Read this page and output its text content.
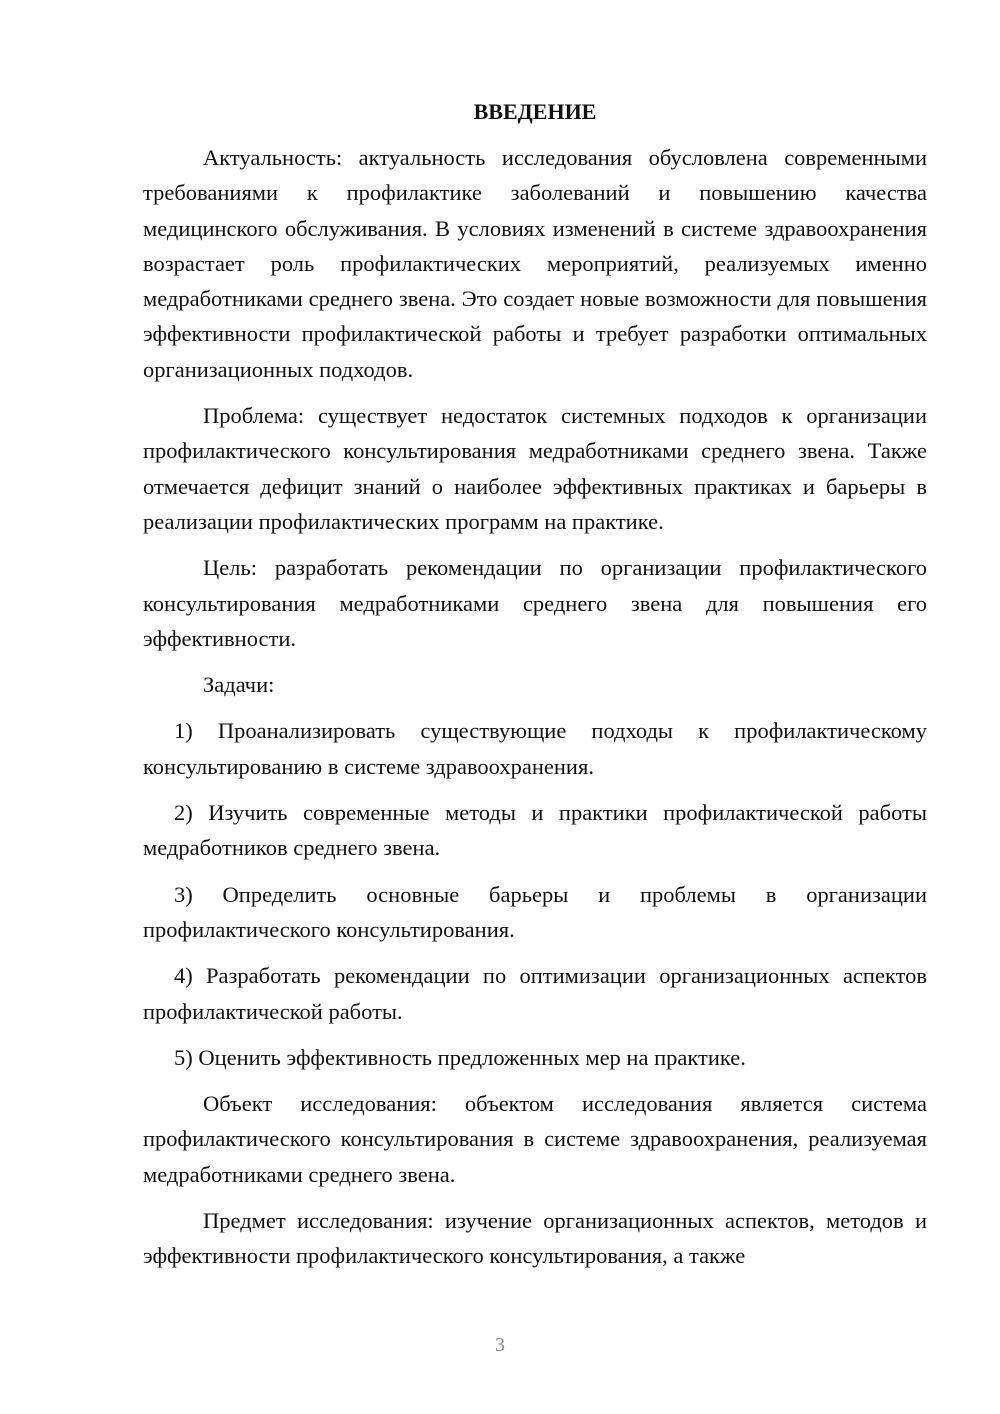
ВВЕДЕНИЕ

Актуальность: актуальность исследования обусловлена современными требованиями к профилактике заболеваний и повышению качества медицинского обслуживания. В условиях изменений в системе здравоохранения возрастает роль профилактических мероприятий, реализуемых именно медработниками среднего звена. Это создает новые возможности для повышения эффективности профилактической работы и требует разработки оптимальных организационных подходов.

Проблема: существует недостаток системных подходов к организации профилактического консультирования медработниками среднего звена. Также отмечается дефицит знаний о наиболее эффективных практиках и барьеры в реализации профилактических программ на практике.

Цель: разработать рекомендации по организации профилактического консультирования медработниками среднего звена для повышения его эффективности.

Задачи:

1) Проанализировать существующие подходы к профилактическому консультированию в системе здравоохранения.

2) Изучить современные методы и практики профилактической работы медработников среднего звена.

3) Определить основные барьеры и проблемы в организации профилактического консультирования.

4) Разработать рекомендации по оптимизации организационных аспектов профилактической работы.

5) Оценить эффективность предложенных мер на практике.

Объект исследования: объектом исследования является система профилактического консультирования в системе здравоохранения, реализуемая медработниками среднего звена.

Предмет исследования: изучение организационных аспектов, методов и эффективности профилактического консультирования, а также

3
